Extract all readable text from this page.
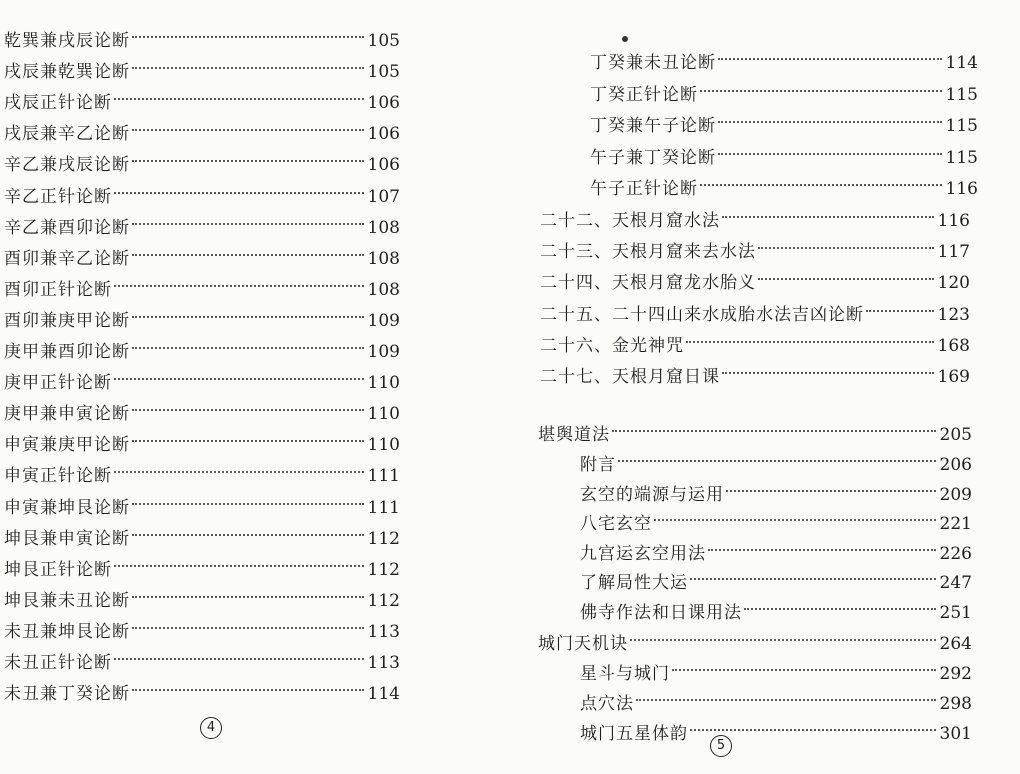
乾巽兼戌辰论断	105
戌辰兼乾巽论断	105
戌辰正针论断	106
戌辰兼辛乙论断	106
辛乙兼戌辰论断	106
辛乙正针论断	107
辛乙兼酉卯论断	108
酉卯兼辛乙论断	108
酉卯正针论断	108
酉卯兼庚甲论断	109
庚甲兼酉卯论断	109
庚甲正针论断	110
庚甲兼申寅论断	110
申寅兼庚甲论断	110
申寅正针论断	111
申寅兼坤艮论断	111
坤艮兼申寅论断	112
坤艮正针论断	112
坤艮兼未丑论断	112
未丑兼坤艮论断	113
未丑正针论断	113
未丑兼丁癸论断	114
4
丁癸兼未丑论断	114
丁癸正针论断	115
丁癸兼午子论断	115
午子兼丁癸论断	115
午子正针论断	116
二十二、天根月窟水法	116
二十三、天根月窟来去水法	117
二十四、天根月窟龙水胎义	120
二十五、二十四山来水成胎水法吉凶论断	123
二十六、金光神咒	168
二十七、天根月窟日课	169
堪舆道法	205
附言	206
玄空的端源与运用	209
八宅玄空	221
九宫运玄空用法	226
了解局性大运	247
佛寺作法和日课用法	251
城门天机诀	264
星斗与城门	292
点穴法	298
城门五星体韵	301
5
